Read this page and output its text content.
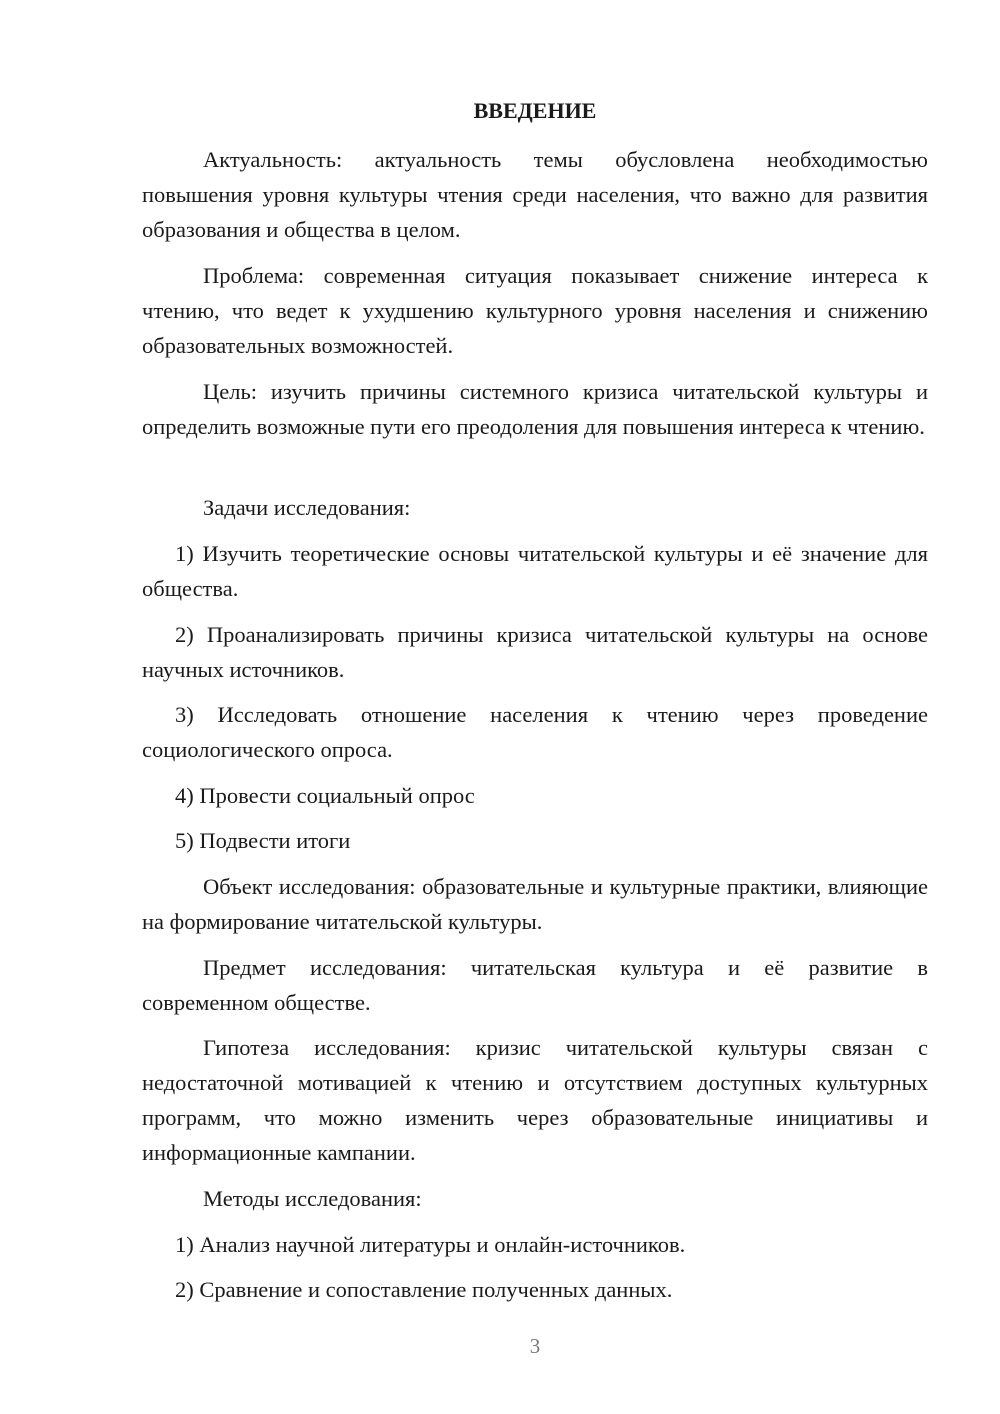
ВВЕДЕНИЕ

Актуальность: актуальность темы обусловлена необходимостью повышения уровня культуры чтения среди населения, что важно для развития образования и общества в целом.

Проблема: современная ситуация показывает снижение интереса к чтению, что ведет к ухудшению культурного уровня населения и снижению образовательных возможностей.

Цель: изучить причины системного кризиса читательской культуры и определить возможные пути его преодоления для повышения интереса к чтению.

Задачи исследования:

1) Изучить теоретические основы читательской культуры и её значение для общества.

2) Проанализировать причины кризиса читательской культуры на основе научных источников.

3) Исследовать отношение населения к чтению через проведение социологического опроса.

4) Провести социальный опрос

5) Подвести итоги

Объект исследования: образовательные и культурные практики, влияющие на формирование читательской культуры.

Предмет исследования: читательская культура и её развитие в современном обществе.

Гипотеза исследования: кризис читательской культуры связан с недостаточной мотивацией к чтению и отсутствием доступных культурных программ, что можно изменить через образовательные инициативы и информационные кампании.

Методы исследования:

1) Анализ научной литературы и онлайн-источников.

2) Сравнение и сопоставление полученных данных.

3
